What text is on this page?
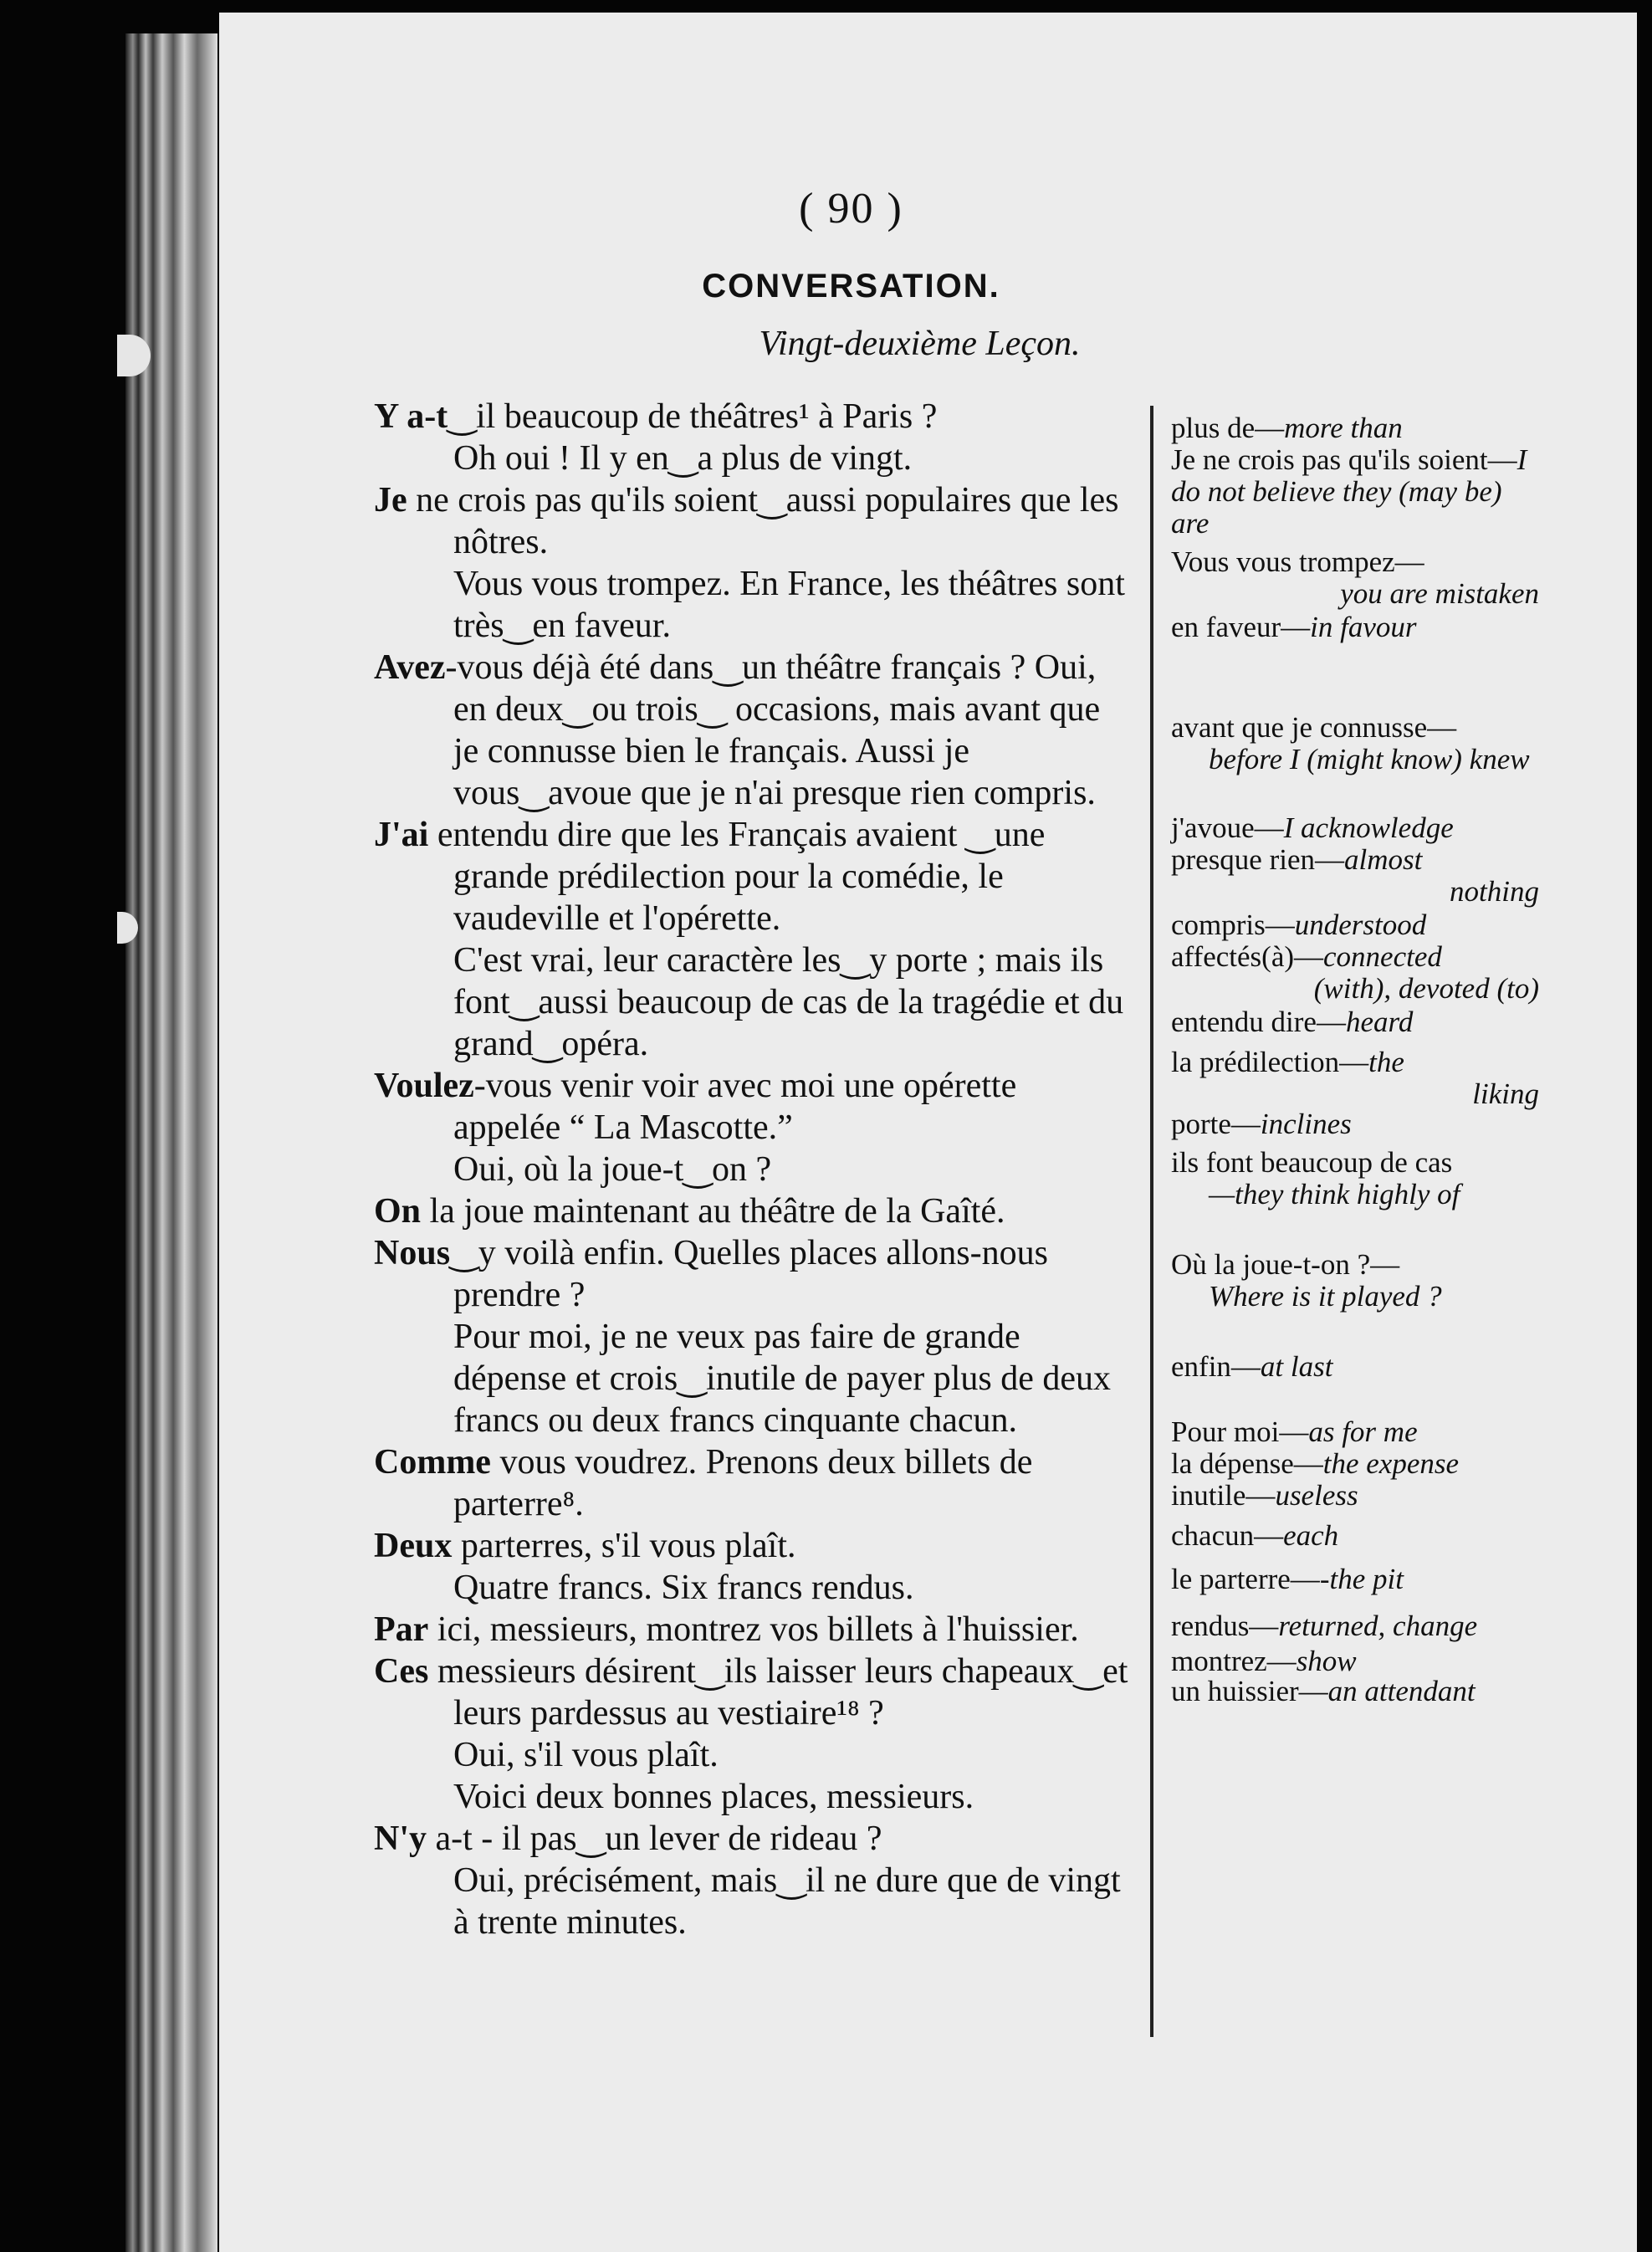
( 90 )
CONVERSATION.
Vingt-deuxième Leçon.

Y a-t‿il beaucoup de théâtres¹ à Paris ?

Oh oui ! Il y en‿a plus de vingt.

Je ne crois pas qu'ils soient‿aussi populaires que les nôtres.

Vous vous trompez. En France, les théâtres sont très‿en faveur.

Avez-vous déjà été dans‿un théâtre français ? Oui, en deux‿ou trois‿ occasions, mais avant que je connusse bien le français. Aussi je vous‿avoue que je n'ai presque rien compris.

J'ai entendu dire que les Français avaient ‿une grande prédilection pour la comédie, le vaudeville et l'opérette.

C'est vrai, leur caractère les‿y porte ; mais ils font‿aussi beaucoup de cas de la tragédie et du grand‿opéra.

Voulez-vous venir voir avec moi une opérette appelée “ La Mascotte.”

Oui, où la joue-t‿on ?

On la joue maintenant au théâtre de la Gaîté.

Nous‿y voilà enfin. Quelles places allons-nous prendre ?

Pour moi, je ne veux pas faire de grande dépense et crois‿inutile de payer plus de deux francs ou deux francs cinquante chacun.

Comme vous voudrez. Prenons deux billets de parterre⁸.

Deux parterres, s'il vous plaît.

Quatre francs. Six francs rendus.

Par ici, messieurs, montrez vos billets à l'huissier.

Ces messieurs désirent‿ils laisser leurs chapeaux‿et leurs pardessus au vestiaire¹⁸ ?

Oui, s'il vous plaît.

Voici deux bonnes places, messieurs.

N'y a-t - il pas‿un lever de rideau ?

Oui, précisément, mais‿il ne dure que de vingt à trente minutes.

plus de—more than
Je ne crois pas qu'ils soient—I do not believe they (may be) are
Vous vous trompez—
you are mistaken
en faveur—in favour
avant que je connusse—
before I (might know) knew
j'avoue—I acknowledge
presque rien—almost
nothing
compris—understood
affectés(à)—connected
(with), devoted (to)
entendu dire—heard
la prédilection—the
liking
porte—inclines
ils font beaucoup de cas
—they think highly of
Où la joue-t-on ?—
Where is it played ?
enfin—at last
Pour moi—as for me
la dépense—the expense
inutile—useless
chacun—each
le parterre—-the pit
rendus—returned, change
montrez—show
un huissier—an attendant
